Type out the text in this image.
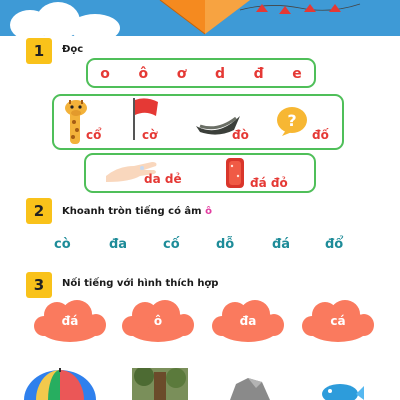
1	Đọc
o ô ơ d đ e
cổ	cờ	đò
?
đố
da dẻ	đá đỏ
2	Khoanh tròn tiếng có âm ô
cò	đa	cố	dỗ	đá	đổ
3	Nối tiếng với hình thích hợp
đá	ô	đa	cá
